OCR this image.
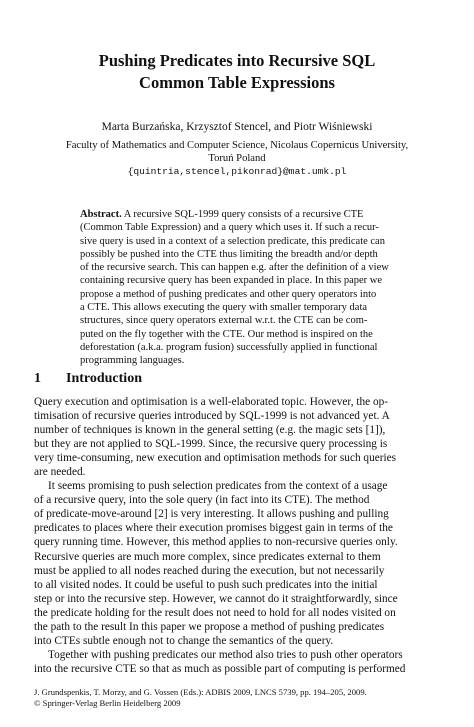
Pushing Predicates into Recursive SQL
Common Table Expressions
Marta Burzańska, Krzysztof Stencel, and Piotr Wiśniewski
Faculty of Mathematics and Computer Science, Nicolaus Copernicus University,
Toruń Poland
{quintria,stencel,pikonrad}@mat.umk.pl
Abstract. A recursive SQL-1999 query consists of a recursive CTE
(Common Table Expression) and a query which uses it. If such a recur-
sive query is used in a context of a selection predicate, this predicate can
possibly be pushed into the CTE thus limiting the breadth and/or depth
of the recursive search. This can happen e.g. after the definition of a view
containing recursive query has been expanded in place. In this paper we
propose a method of pushing predicates and other query operators into
a CTE. This allows executing the query with smaller temporary data
structures, since query operators external w.r.t. the CTE can be com-
puted on the fly together with the CTE. Our method is inspired on the
deforestation (a.k.a. program fusion) successfully applied in functional
programming languages.
1 Introduction
Query execution and optimisation is a well-elaborated topic. However, the op-
timisation of recursive queries introduced by SQL-1999 is not advanced yet. A
number of techniques is known in the general setting (e.g. the magic sets [1]),
but they are not applied to SQL-1999. Since, the recursive query processing is
very time-consuming, new execution and optimisation methods for such queries
are needed.
It seems promising to push selection predicates from the context of a usage
of a recursive query, into the sole query (in fact into its CTE). The method
of predicate-move-around [2] is very interesting. It allows pushing and pulling
predicates to places where their execution promises biggest gain in terms of the
query running time. However, this method applies to non-recursive queries only.
Recursive queries are much more complex, since predicates external to them
must be applied to all nodes reached during the execution, but not necessarily
to all visited nodes. It could be useful to push such predicates into the initial
step or into the recursive step. However, we cannot do it straightforwardly, since
the predicate holding for the result does not need to hold for all nodes visited on
the path to the result In this paper we propose a method of pushing predicates
into CTEs subtle enough not to change the semantics of the query.
Together with pushing predicates our method also tries to push other operators
into the recursive CTE so that as much as possible part of computing is performed
J. Grundspenkis, T. Morzy, and G. Vossen (Eds.): ADBIS 2009, LNCS 5739, pp. 194–205, 2009.
© Springer-Verlag Berlin Heidelberg 2009
